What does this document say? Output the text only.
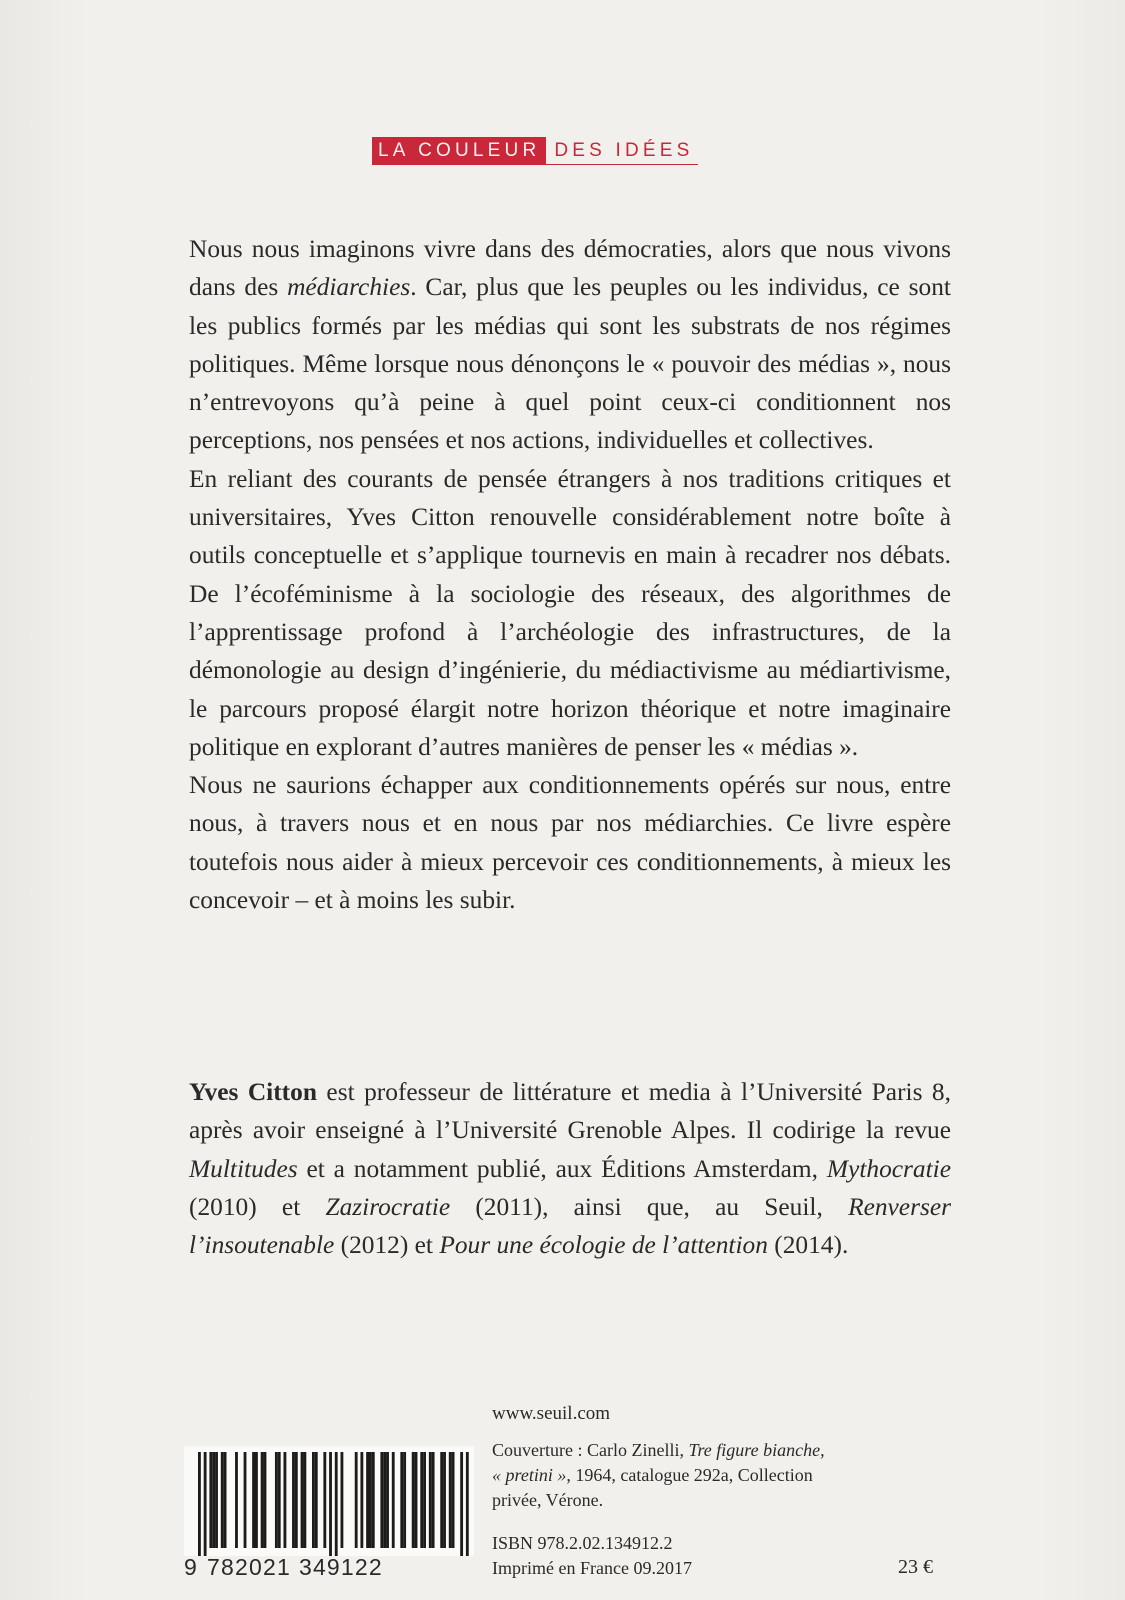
LA COULEUR DES IDÉES

Nous nous imaginons vivre dans des démocraties, alors que nous vivons dans des médiarchies. Car, plus que les peuples ou les individus, ce sont les publics formés par les médias qui sont les substrats de nos régimes politiques. Même lorsque nous dénonçons le « pouvoir des médias », nous n’entrevoyons qu’à peine à quel point ceux-ci conditionnent nos perceptions, nos pensées et nos actions, individuelles et collectives.

En reliant des courants de pensée étrangers à nos traditions critiques et universitaires, Yves Citton renouvelle considérablement notre boîte à outils conceptuelle et s’applique tournevis en main à recadrer nos débats. De l’écoféminisme à la sociologie des réseaux, des algorithmes de l’apprentissage profond à l’archéologie des infrastructures, de la démonologie au design d’ingénierie, du médiactivisme au médiartivisme, le parcours proposé élargit notre horizon théorique et notre imaginaire politique en explorant d’autres manières de penser les « médias ».

Nous ne saurions échapper aux conditionnements opérés sur nous, entre nous, à travers nous et en nous par nos médiarchies. Ce livre espère toutefois nous aider à mieux percevoir ces conditionnements, à mieux les concevoir – et à moins les subir.

Yves Citton est professeur de littérature et media à l’Université Paris 8, après avoir enseigné à l’Université Grenoble Alpes. Il codirige la revue Multitudes et a notamment publié, aux Éditions Amsterdam, Mythocratie (2010) et Zazirocratie (2011), ainsi que, au Seuil, Renverser l’insoutenable (2012) et Pour une écologie de l’attention (2014).

9 782021 349122
www.seuil.com
Couverture : Carlo Zinelli, Tre figure bianche, « pretini », 1964, catalogue 292a, Collection privée, Vérone.
ISBN 978.2.02.134912.2
Imprimé en France 09.2017	23 €
